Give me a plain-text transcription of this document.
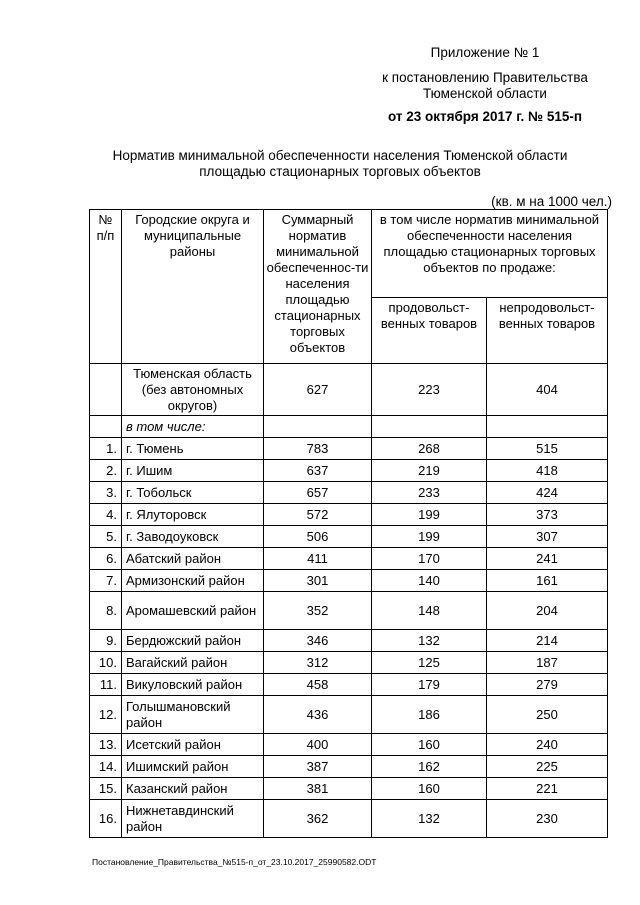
Приложение № 1
к постановлению Правительства
Тюменской области
от 23 октября 2017 г. № 515-п
Норматив минимальной обеспеченности населения Тюменской области
площадью стационарных торговых объектов
(кв. м на 1000 чел.)
№ п/п	Городские округа и муниципальные районы	Суммарный норматив минимальной обеспеченнос-ти населения площадью стационарных торговых объектов	в том числе норматив минимальной обеспеченности населения площадью стационарных торговых объектов по продаже:	
			продовольст-венных товаров	непродовольст-венных товаров
	Тюменская область (без автономных округов)	627	223	404
	в том числе:			
1.	г. Тюмень	783	268	515
2.	г. Ишим	637	219	418
3.	г. Тобольск	657	233	424
4.	г. Ялуторовск	572	199	373
5.	г. Заводоуковск	506	199	307
6.	Абатский район	411	170	241
7.	Армизонский район	301	140	161
8.	Аромашевский район	352	148	204
9.	Бердюжский район	346	132	214
10.	Вагайский район	312	125	187
11.	Викуловский район	458	179	279
12.	Голышмановский район	436	186	250
13.	Исетский район	400	160	240
14.	Ишимский район	387	162	225
15.	Казанский район	381	160	221
16.	Нижнетавдинский район	362	132	230
Постановление_Правительства_№515-п_от_23.10.2017_25990582.ODT
